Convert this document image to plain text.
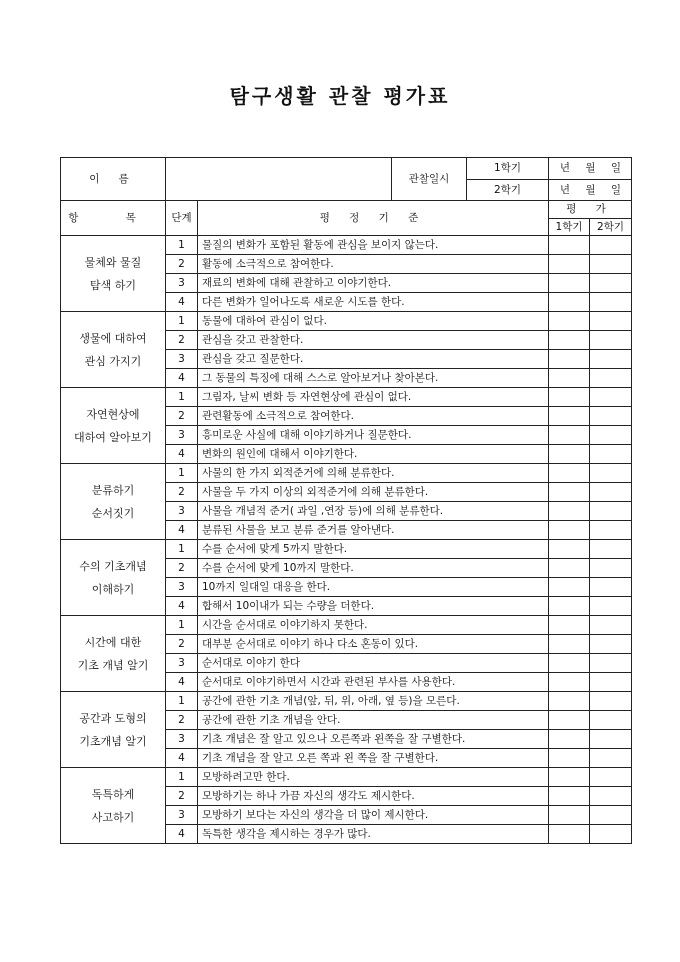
탐구생활 관찰 평가표
이 름			관찰일시	1학기	년 월 일	
				2학기	년 월 일	
항 목	단계	평 정 기 준			평 가	
					1학기	2학기

물체와 물질
탐색 하기	1	물질의 변화가 포함된 활동에 관심을 보이지 않는다.				
	2	활동에 소극적으로 참여한다.				
	3	재료의 변화에 대해 관찰하고 이야기한다.				
	4	다른 변화가 일어나도록 새로운 시도를 한다.				

생물에 대하여
관심 가지기	1	동물에 대하여 관심이 없다.				
	2	관심을 갖고 관찰한다.				
	3	관심을 갖고 질문한다.				
	4	그 동물의 특징에 대해 스스로 알아보거나 찾아본다.				

자연현상에
대하여 알아보기	1	그림자, 날씨 변화 등 자연현상에 관심이 없다.				
	2	관련활동에 소극적으로 참여한다.				
	3	흥미로운 사실에 대해 이야기하거나 질문한다.				
	4	변화의 원인에 대해서 이야기한다.				

분류하기
순서짓기	1	사물의 한 가지 외적준거에 의해 분류한다.				
	2	사물을 두 가지 이상의 외적준거에 의해 분류한다.				
	3	사물을 개념적 준거( 과일 ,연장 등)에 의해 분류한다.				
	4	분류된 사물을 보고 분류 준거를 알아낸다.				

수의 기초개념
이해하기	1	수를 순서에 맞게 5까지 말한다.				
	2	수를 순서에 맞게 10까지 말한다.				
	3	10까지 일대일 대응을 한다.				
	4	합해서 10이내가 되는 수량을 더한다.				

시간에 대한
기초 개념 알기	1	시간을 순서대로 이야기하지 못한다.				
	2	대부분 순서대로 이야기 하나 다소 혼동이 있다.				
	3	순서대로 이야기 한다				
	4	순서대로 이야기하면서 시간과 관련된 부사를 사용한다.				

공간과 도형의
기초개념 알기	1	공간에 관한 기초 개념(앞, 뒤, 위, 아래, 옆 등)을 모른다.				
	2	공간에 관한 기초 개념을 안다.				
	3	기초 개념은 잘 알고 있으나 오른쪽과 왼쪽을 잘 구별한다.				
	4	기초 개념을 잘 알고 오른 쪽과 왼 쪽을 잘 구별한다.				

독특하게
사고하기	1	모방하려고만 한다.				
	2	모방하기는 하나 가끔 자신의 생각도 제시한다.				
	3	모방하기 보다는 자신의 생각을 더 많이 제시한다.				
	4	독특한 생각을 제시하는 경우가 많다.				
